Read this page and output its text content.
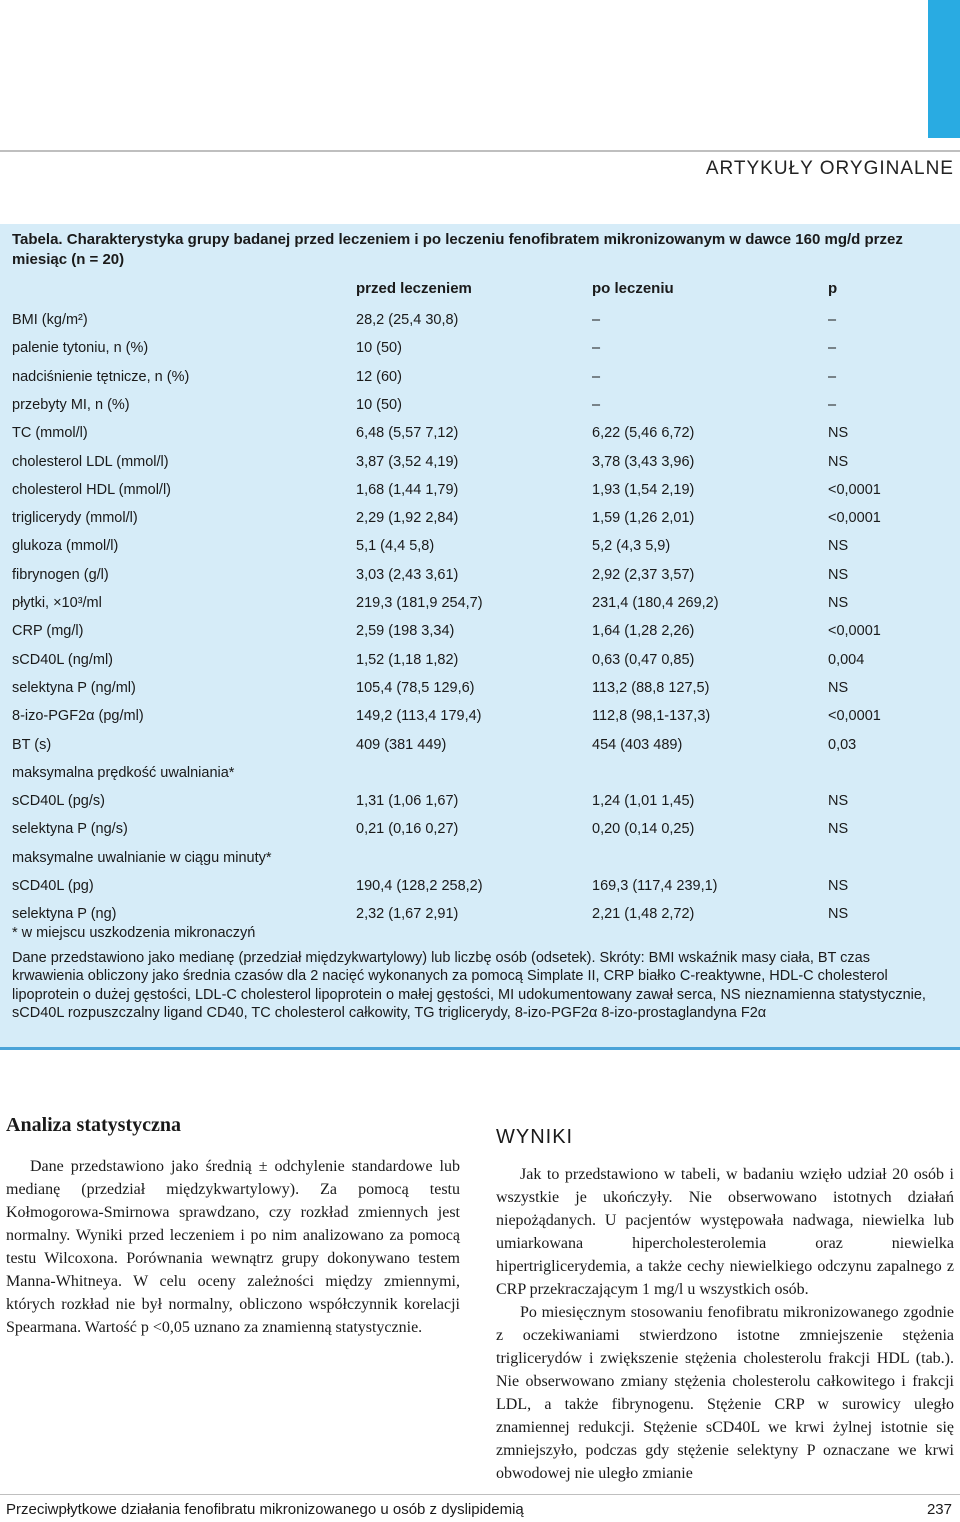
ARTYKUŁY ORYGINALNE
Tabela. Charakterystyka grupy badanej przed leczeniem i po leczeniu fenofibratem mikronizowanym w dawce 160 mg/d przez miesiąc (n = 20)
przed leczeniem	po leczeniu	p
BMI (kg/m²)	28,2 (25,4 30,8)	–	–
palenie tytoniu, n (%)	10 (50)	–	–
nadciśnienie tętnicze, n (%)	12 (60)	–	–
przebyty MI, n (%)	10 (50)	–	–
TC (mmol/l)	6,48 (5,57 7,12)	6,22 (5,46 6,72)	NS
cholesterol LDL (mmol/l)	3,87 (3,52 4,19)	3,78 (3,43 3,96)	NS
cholesterol HDL (mmol/l)	1,68 (1,44 1,79)	1,93 (1,54 2,19)	<0,0001
triglicerydy (mmol/l)	2,29 (1,92 2,84)	1,59 (1,26 2,01)	<0,0001
glukoza (mmol/l)	5,1 (4,4 5,8)	5,2 (4,3 5,9)	NS
fibrynogen (g/l)	3,03 (2,43 3,61)	2,92 (2,37 3,57)	NS
płytki, ×10³/ml	219,3 (181,9 254,7)	231,4 (180,4 269,2)	NS
CRP (mg/l)	2,59 (198 3,34)	1,64 (1,28 2,26)	<0,0001
sCD40L (ng/ml)	1,52 (1,18 1,82)	0,63 (0,47 0,85)	0,004
selektyna P (ng/ml)	105,4 (78,5 129,6)	113,2 (88,8 127,5)	NS
8-izo-PGF2α (pg/ml)	149,2 (113,4 179,4)	112,8 (98,1-137,3)	<0,0001
BT (s)	409 (381 449)	454 (403 489)	0,03
maksymalna prędkość uwalniania*
sCD40L (pg/s)	1,31 (1,06 1,67)	1,24 (1,01 1,45)	NS
selektyna P (ng/s)	0,21 (0,16 0,27)	0,20 (0,14 0,25)	NS
maksymalne uwalnianie w ciągu minuty*
sCD40L (pg)	190,4 (128,2 258,2)	169,3 (117,4 239,1)	NS
selektyna P (ng)	2,32 (1,67 2,91)	2,21 (1,48 2,72)	NS
* w miejscu uszkodzenia mikronaczyń
Dane przedstawiono jako medianę (przedział międzykwartylowy) lub liczbę osób (odsetek). Skróty: BMI wskaźnik masy ciała, BT czas krwawienia obliczony jako średnia czasów dla 2 nacięć wykonanych za pomocą Simplate II, CRP białko C-reaktywne, HDL-C cholesterol lipoprotein o dużej gęstości, LDL-C cholesterol lipoprotein o małej gęstości, MI udokumentowany zawał serca, NS nieznamienna statystycznie, sCD40L rozpuszczalny ligand CD40, TC cholesterol całkowity, TG triglicerydy, 8-izo-PGF2α 8-izo-prostaglandyna F2α
Analiza statystyczna

Dane przedstawiono jako średnią ± odchylenie standardowe lub medianę (przedział międzykwartylowy). Za pomocą testu Kołmogorowa-Smirnowa sprawdzano, czy rozkład zmiennych jest normalny. Wyniki przed leczeniem i po nim analizowano za pomocą testu Wilcoxona. Porównania wewnątrz grupy dokonywano testem Manna-Whitneya. W celu oceny zależności między zmiennymi, których rozkład nie był normalny, obliczono współczynnik korelacji Spearmana. Wartość p <0,05 uznano za znamienną statystycznie.

WYNIKI

Jak to przedstawiono w tabeli, w badaniu wzięło udział 20 osób i wszystkie je ukończyły. Nie obserwowano istotnych działań niepożądanych. U pacjentów występowała nadwaga, niewielka lub umiarkowana hipercholesterolemia oraz niewielka hipertriglicerydemia, a także cechy niewielkiego odczynu zapalnego z CRP przekraczającym 1 mg/l u wszystkich osób.

Po miesięcznym stosowaniu fenofibratu mikronizowanego zgodnie z oczekiwaniami stwierdzono istotne zmniejszenie stężenia triglicerydów i zwiększenie stężenia cholesterolu frakcji HDL (tab.). Nie obserwowano zmiany stężenia cholesterolu całkowitego i frakcji LDL, a także fibrynogenu. Stężenie CRP w surowicy uległo znamiennej redukcji. Stężenie sCD40L we krwi żylnej istotnie się zmniejszyło, podczas gdy stężenie selektyny P oznaczane we krwi obwodowej nie uległo zmianie

Przeciwpłytkowe działania fenofibratu mikronizowanego u osób z dyslipidemią	237
